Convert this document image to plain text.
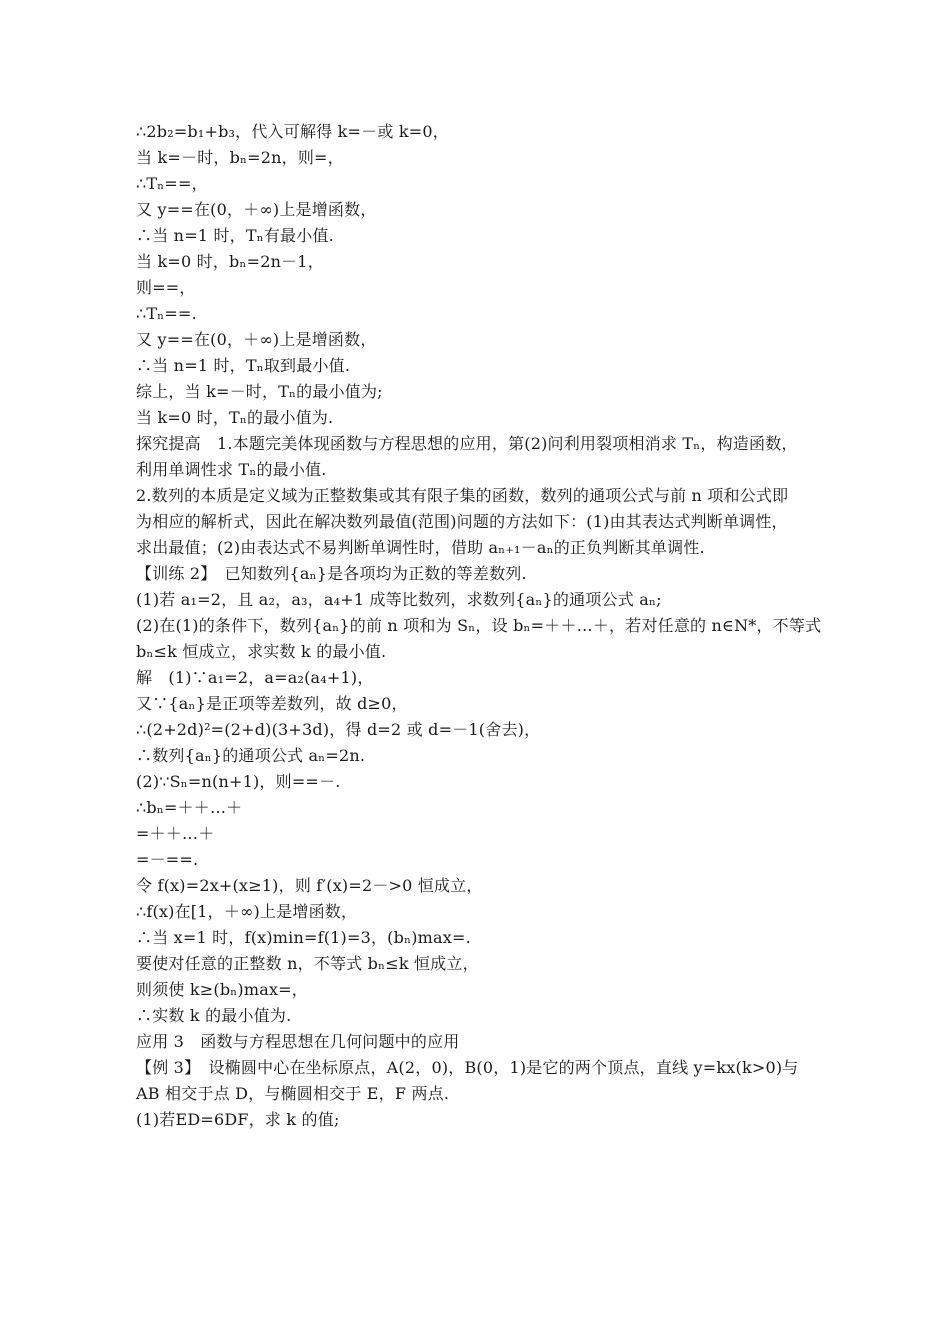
∴2b₂=b₁+b₃，代入可解得 k=－或 k=0，
当 k=－时，bₙ=2n，则=，
∴Tₙ==，
又 y==在(0，＋∞)上是增函数，
∴当 n=1 时，Tₙ有最小值.
当 k=0 时，bₙ=2n－1，
则==，
∴Tₙ==.
又 y==在(0，＋∞)上是增函数，
∴当 n=1 时，Tₙ取到最小值.
综上，当 k=－时，Tₙ的最小值为;
当 k=0 时，Tₙ的最小值为.
探究提高　1.本题完美体现函数与方程思想的应用，第(2)问利用裂项相消求 Tₙ，构造函数，
利用单调性求 Tₙ的最小值.
2.数列的本质是定义域为正整数集或其有限子集的函数，数列的通项公式与前 n 项和公式即
为相应的解析式，因此在解决数列最值(范围)问题的方法如下：(1)由其表达式判断单调性，
求出最值；(2)由表达式不易判断单调性时，借助 aₙ₊₁－aₙ的正负判断其单调性.
【训练 2】　已知数列{aₙ}是各项均为正数的等差数列.
(1)若 a₁=2，且 a₂，a₃，a₄+1 成等比数列，求数列{aₙ}的通项公式 aₙ;
(2)在(1)的条件下，数列{aₙ}的前 n 项和为 Sₙ，设 bₙ=＋＋…＋，若对任意的 n∈N*，不等式
bₙ≤k 恒成立，求实数 k 的最小值.
解　(1)∵a₁=2，a=a₂(a₄+1)，
又∵{aₙ}是正项等差数列，故 d≥0，
∴(2+2d)²=(2+d)(3+3d)，得 d=2 或 d=－1(舍去)，
∴数列{aₙ}的通项公式 aₙ=2n.
(2)∵Sₙ=n(n+1)，则==－.
∴bₙ=＋＋…＋
=＋＋…＋
=－==.
令 f(x)=2x+(x≥1)，则 f′(x)=2－>0 恒成立，
∴f(x)在[1，＋∞)上是增函数，
∴当 x=1 时，f(x)min=f(1)=3，(bₙ)max=.
要使对任意的正整数 n，不等式 bₙ≤k 恒成立，
则须使 k≥(bₙ)max=，
∴实数 k 的最小值为.
应用 3　函数与方程思想在几何问题中的应用
【例 3】　设椭圆中心在坐标原点，A(2，0)，B(0，1)是它的两个顶点，直线 y=kx(k>0)与
AB 相交于点 D，与椭圆相交于 E，F 两点.
(1)若ED=6DF，求 k 的值;
